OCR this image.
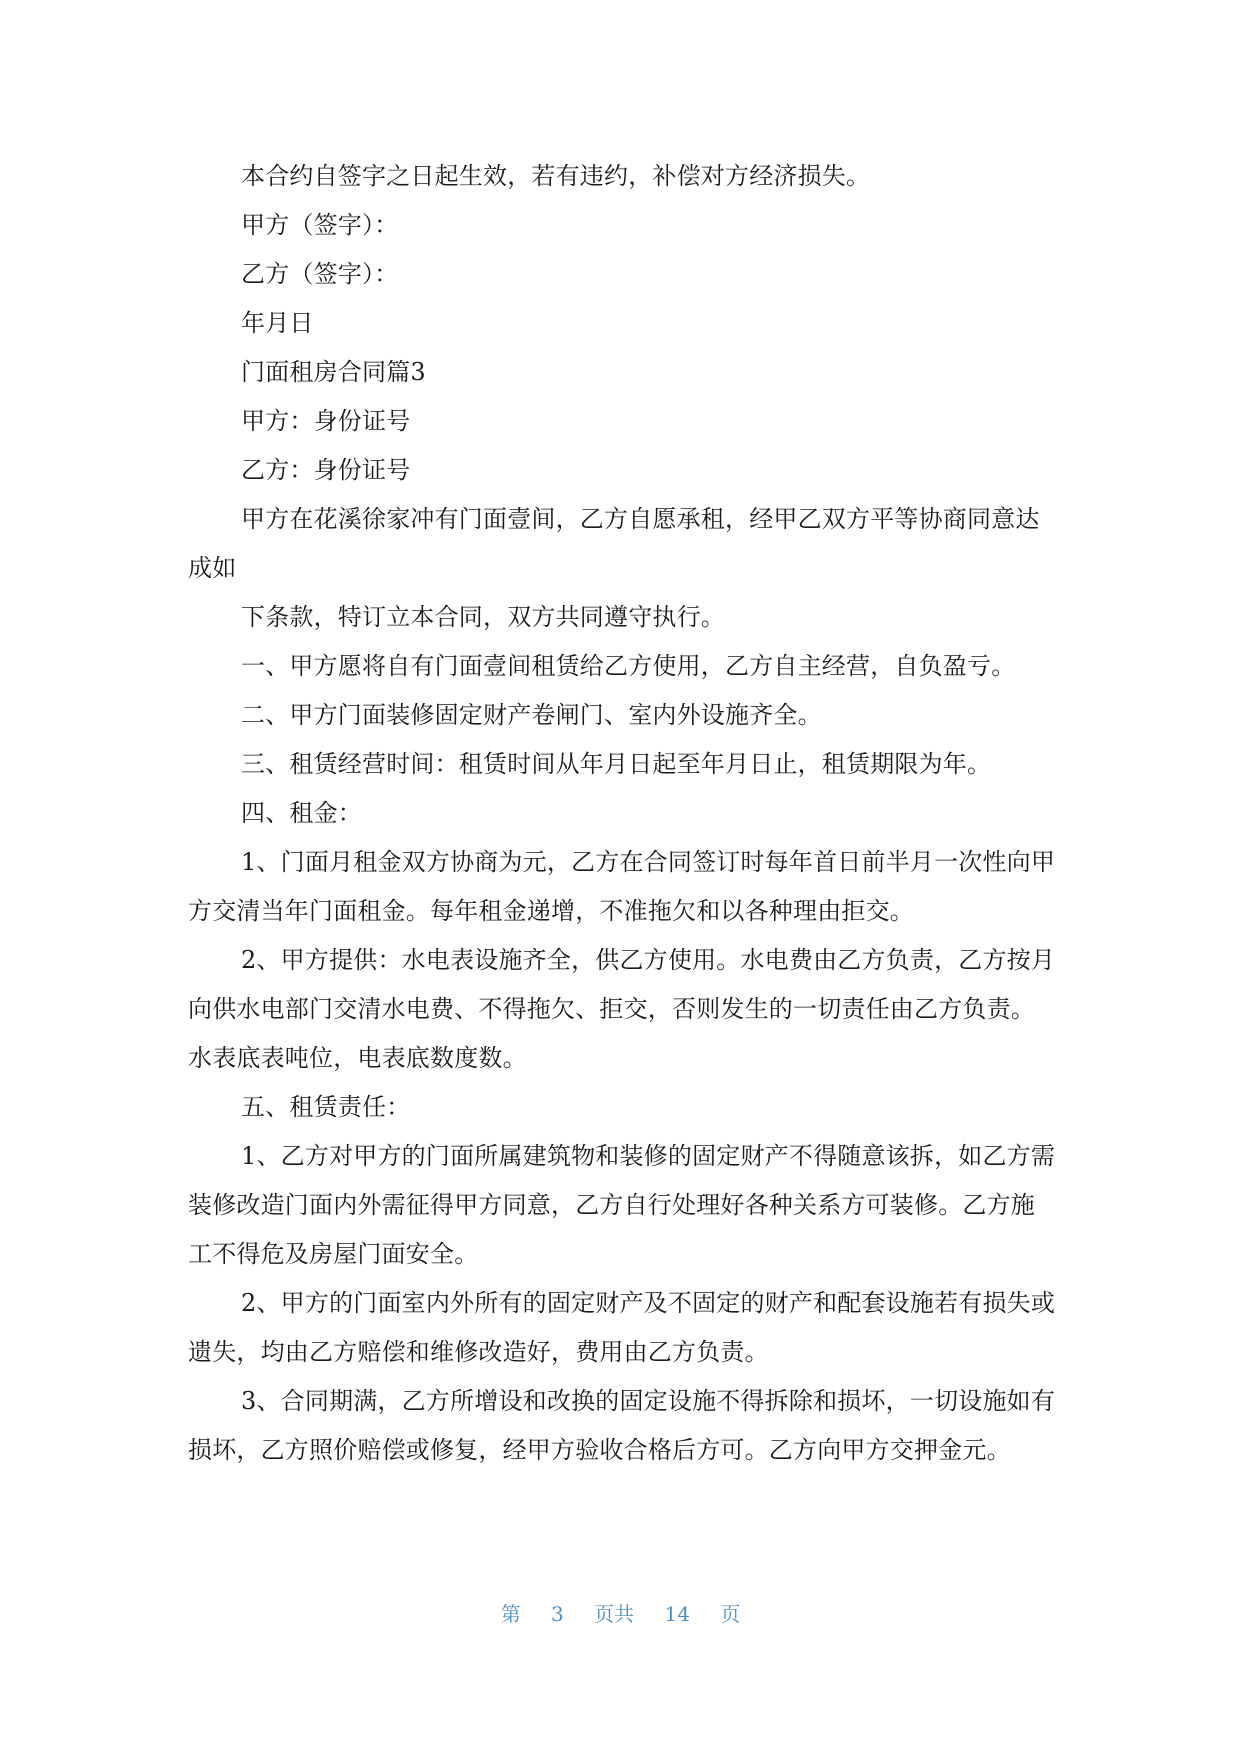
本合约自签字之日起生效，若有违约，补偿对方经济损失。

甲方（签字）：

乙方（签字）：

年月日

门面租房合同篇3

甲方：身份证号

乙方：身份证号

甲方在花溪徐家冲有门面壹间，乙方自愿承租，经甲乙双方平等协商同意达成如

下条款，特订立本合同，双方共同遵守执行。

一、甲方愿将自有门面壹间租赁给乙方使用，乙方自主经营，自负盈亏。

二、甲方门面装修固定财产卷闸门、室内外设施齐全。

三、租赁经营时间：租赁时间从年月日起至年月日止，租赁期限为年。

四、租金：

1、门面月租金双方协商为元，乙方在合同签订时每年首日前半月一次性向甲方交清当年门面租金。每年租金递增，不准拖欠和以各种理由拒交。

2、甲方提供：水电表设施齐全，供乙方使用。水电费由乙方负责，乙方按月向供水电部门交清水电费、不得拖欠、拒交，否则发生的一切责任由乙方负责。水表底表吨位，电表底数度数。

五、租赁责任：

1、乙方对甲方的门面所属建筑物和装修的固定财产不得随意该拆，如乙方需装修改造门面内外需征得甲方同意，乙方自行处理好各种关系方可装修。乙方施工不得危及房屋门面安全。

2、甲方的门面室内外所有的固定财产及不固定的财产和配套设施若有损失或遗失，均由乙方赔偿和维修改造好，费用由乙方负责。

3、合同期满，乙方所增设和改换的固定设施不得拆除和损坏，一切设施如有损坏，乙方照价赔偿或修复，经甲方验收合格后方可。乙方向甲方交押金元。

第 3 页共 14 页
